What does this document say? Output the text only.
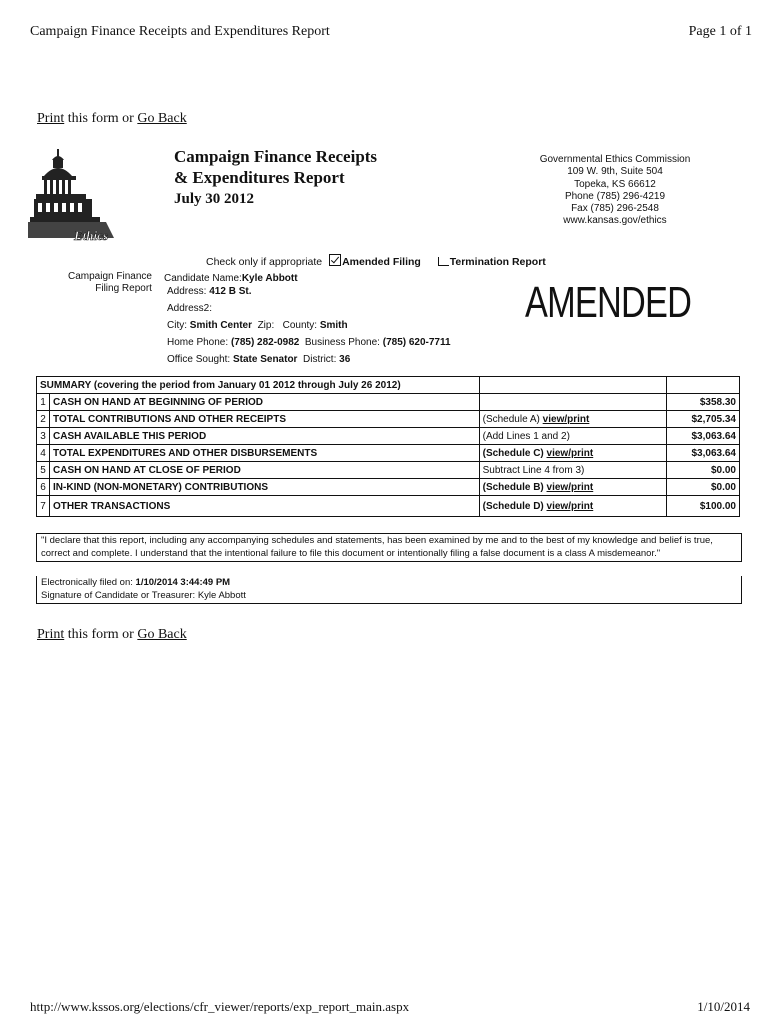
Campaign Finance Receipts and Expenditures Report	Page 1 of 1
Print this form or Go Back
Ethics
Campaign Finance Receipts
& Expenditures Report
July 30 2012
Governmental Ethics Commission
109 W. 9th, Suite 504
Topeka, KS 66612
Phone (785) 296-4219
Fax (785) 296-2548
www.kansas.gov/ethics
Check only if appropriate Amended Filing	Termination Report
Campaign Finance
Filing Report
Candidate Name:Kyle Abbott
Address: 412 B St.
Address2:
City: Smith Center Zip: County: Smith
Home Phone: (785) 282-0982 Business Phone: (785) 620-7711
Office Sought: State Senator District: 36
AMENDED
SUMMARY (covering the period from January 01 2012 through July 26 2012)			
1	CASH ON HAND AT BEGINNING OF PERIOD		$358.30
2	TOTAL CONTRIBUTIONS AND OTHER RECEIPTS	(Schedule A) view/print	$2,705.34
3	CASH AVAILABLE THIS PERIOD	(Add Lines 1 and 2)	$3,063.64
4	TOTAL EXPENDITURES AND OTHER DISBURSEMENTS	(Schedule C) view/print	$3,063.64
5	CASH ON HAND AT CLOSE OF PERIOD	Subtract Line 4 from 3)	$0.00
6	IN-KIND (NON-MONETARY) CONTRIBUTIONS	(Schedule B) view/print	$0.00
7	OTHER TRANSACTIONS	(Schedule D) view/print	$100.00
"I declare that this report, including any accompanying schedules and statements, has been examined by me and to the best of my knowledge and belief is true, correct and complete. I understand that the intentional failure to file this document or intentionally filing a false document is a class A misdemeanor."
Electronically filed on: 1/10/2014 3:44:49 PM
Signature of Candidate or Treasurer: Kyle Abbott
Print this form or Go Back
http://www.kssos.org/elections/cfr_viewer/reports/exp_report_main.aspx	1/10/2014
